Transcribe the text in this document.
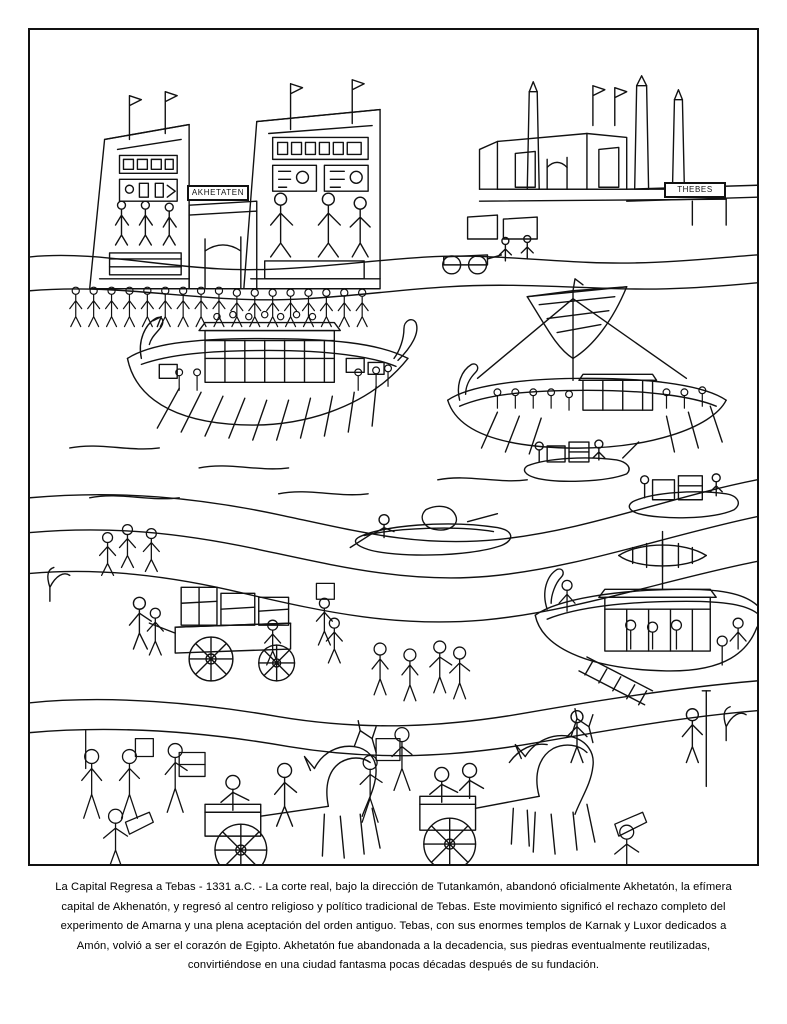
AKHETATEN	THEBES
La Capital Regresa a Tebas - 1331 a.C. - La corte real, bajo la dirección de Tutankamón, abandonó oficialmente Akhetatón, la efímera capital de Akhenatón, y regresó al centro religioso y político tradicional de Tebas. Este movimiento significó el rechazo completo del experimento de Amarna y una plena aceptación del orden antiguo. Tebas, con sus enormes templos de Karnak y Luxor dedicados a Amón, volvió a ser el corazón de Egipto. Akhetatón fue abandonada a la decadencia, sus piedras eventualmente reutilizadas, convirtiéndose en una ciudad fantasma pocas décadas después de su fundación.
